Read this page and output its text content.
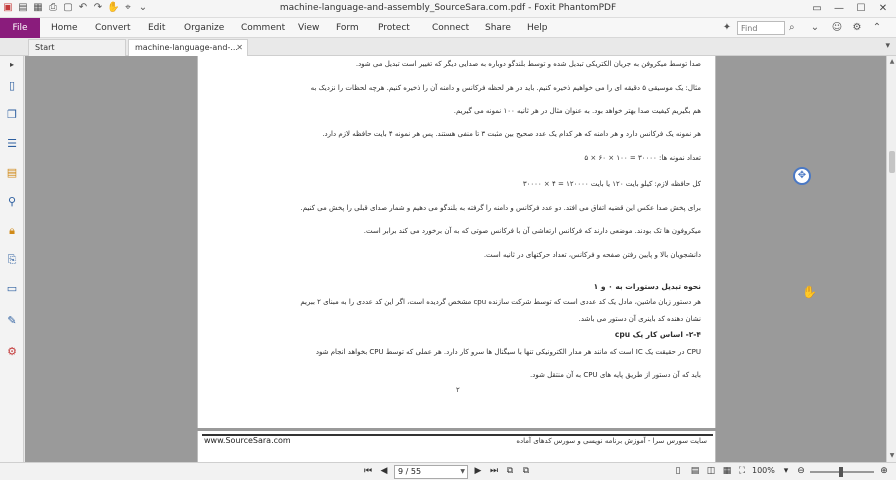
▣ ▤ ▦ ⎙ ▢ ↶ ↷ ✋ ⌖ ⌄	machine-language-and-assembly_SourceSara.com.pdf - Foxit PhantomPDF	▭	—	☐	✕
File	Home Convert Edit Organize Comment View Form Protect Connect Share Help	✦
Find	⌕	⌄ ☺ ⚙ ⌃
Start	machine-language-and-...
✕	▾
▸
▯
❐
☰
▤
⚲
🔒︎
⎘
▭
✎
⚙
صدا توسط میکروفن به جریان الکتریکی تبدیل شده و توسط بلندگو دوباره به صدایی دیگر که تغییر است تبدیل می شود.
مثال: یک موسیقی ۵ دقیقه ای را می خواهیم ذخیره کنیم. باید در هر لحظه فرکانس و دامنه آن را ذخیره کنیم. هرچه لحظات را نزدیک به
هم بگیریم کیفیت صدا بهتر خواهد بود. به عنوان مثال در هر ثانیه ۱۰۰ نمونه می گیریم.
هر نمونه یک فرکانس دارد و هر دامنه که هر کدام یک عدد صحیح بین مثبت ۳ تا منفی هستند. پس هر نمونه ۴ بایت حافظه لازم دارد.
تعداد نمونه ها: ۳۰۰۰۰ = ۱۰۰ × ۶۰ × ۵
کل حافظه لازم: کیلو بایت ۱۲۰ یا بایت ۱۲۰۰۰۰ = ۴ × ۳۰۰۰۰
برای پخش صدا عکس این قضیه اتفاق می افتد. دو عدد فرکانس و دامنه را گرفته به بلندگو می دهیم و شمار صدای قبلی را پخش می کنیم.
میکروفون ها تک بودند. موضعی دارند که فرکانس ارتعاشی آن با فرکانس صوتی که به آن برخورد می کند برابر است.
دانشجویان بالا و پایین رفتن صفحه و فرکانس، تعداد حرکتهای در ثانیه است.
نحوه تبدیل دستورات به ۰ و ۱
هر دستور زبان ماشین، مادل یک کد عددی است که توسط شرکت سازنده cpu مشخص گردیده است، اگر این کد عددی را به مبنای ۲ ببریم
نشان دهنده کد باینری آن دستور می باشد.
۲-۴- اساس کار یک cpu
CPU در حقیقت یک IC است که مانند هر مدار الکترونیکی تنها با سیگنال ها سرو کار دارد. هر عملی که توسط CPU بخواهد انجام شود
باید که آن دستور از طریق پایه های CPU به آن منتقل شود.
٢
www.SourceSara.com	سایت سورس سرا - آموزش برنامه نویسی و سورس کدهای آماده
✥
✋
▲
▼
⏮ ◀	9 / 55	▼ ▶ ⏭ ⧉	⧉	▯	▤ ◫ ▦ ⛶ 100% ▾ ⊖	⊕
